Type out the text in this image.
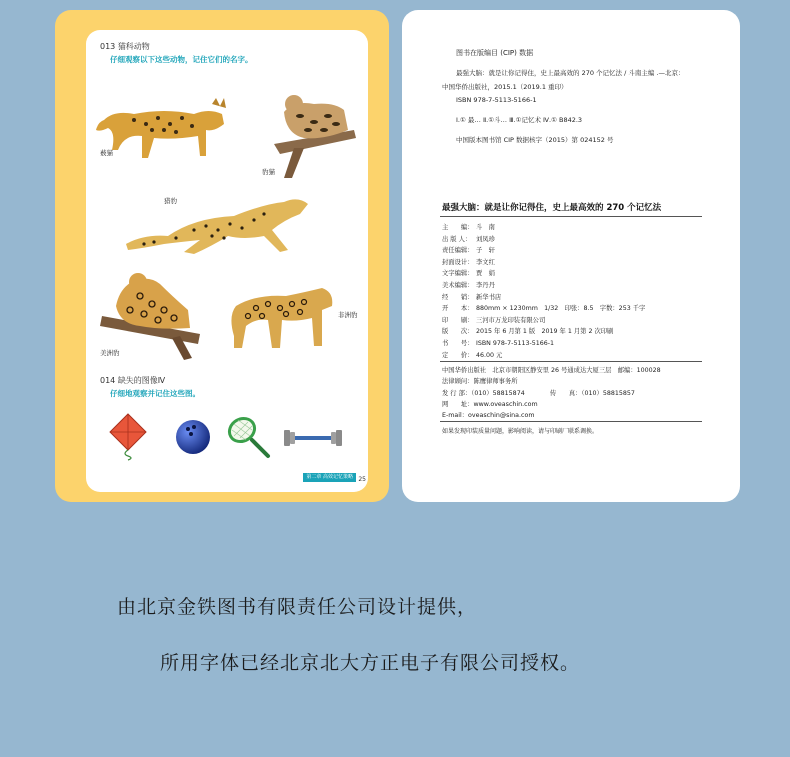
013 猫科动物
仔细观察以下这些动物，记住它们的名字。
薮猫
豹猫
猎豹
美洲豹
非洲豹
014 缺失的图像Ⅳ
仔细地观察并记住这些图。
第二章 高效记忆策略 25
图书在版编目 (CIP) 数据
最强大脑：就是让你记得住，史上最高效的 270 个记忆法 / 斗南主编 .—北京：
中国华侨出版社，2015.1（2019.1 重印）
ISBN 978-7-5113-5166-1
Ⅰ.① 最… Ⅱ.①斗… Ⅲ.①记忆术 Ⅳ.① B842.3
中国版本图书馆 CIP 数据核字（2015）第 024152 号
最强大脑：就是让你记得住，史上最高效的 270 个记忆法
主　　编： 斗　南
出 版 人： 刘凤珍
责任编辑： 子　轩
封面设计： 李文红
文字编辑： 贾　娟
美术编辑： 李丹丹
经　　销： 新华书店
开　　本： 880mm × 1230mm　1/32　印张：8.5　字数：253 千字
印　　刷： 三河市万龙印装有限公司
版　　次： 2015 年 6 月第 1 版　2019 年 1 月第 2 次印刷
书　　号： ISBN 978-7-5113-5166-1
定　　价： 46.00 元
中国华侨出版社　北京市朝阳区静安里 26 号通成达大厦三层　邮编：100028
法律顾问：陈鹰律师事务所
发 行 部：（010）58815874　　　　传　　真：（010）58815857
网　　址：www.oveaschin.com
E-mail：oveaschin@sina.com
如果发现印装质量问题，影响阅读，请与印刷厂联系调换。
由北京金铁图书有限责任公司设计提供，
所用字体已经北京北大方正电子有限公司授权。
